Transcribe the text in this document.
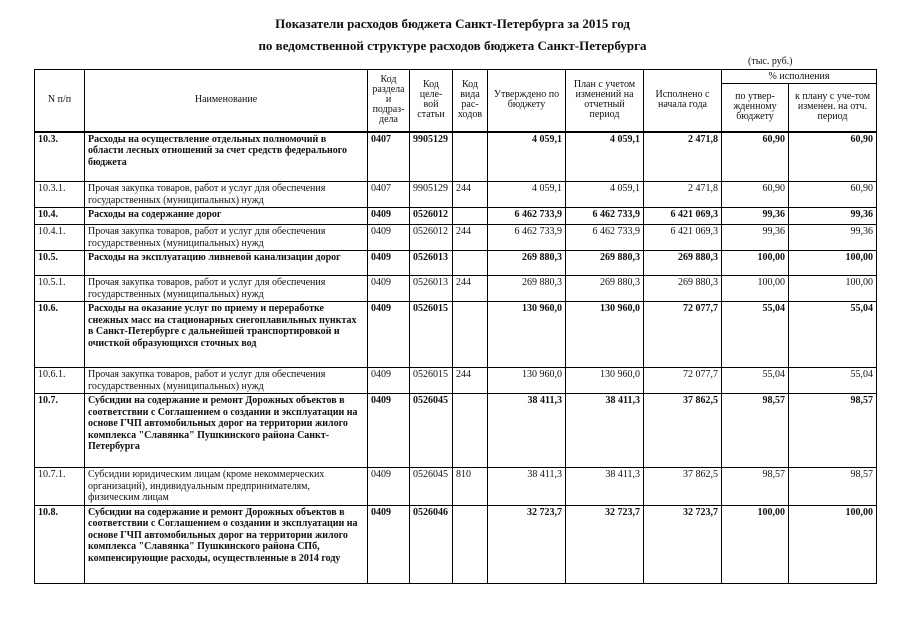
Показатели расходов бюджета Санкт-Петербурга за 2015 год
по ведомственной структуре расходов бюджета Санкт-Петербурга
(тыс. руб.)
N п/п	Наименование	Код раздела и подраз-дела	Код целе-вой статьи	Код вида рас-ходов	Утверждено по бюджету	План с учетом изменений на отчетный период	Исполнено с начала года	% исполнения	
								по утвер-жденному бюджету	к плану с уче-том изменен. на отч. период
10.3.	Расходы на осуществление отдельных полномочий в области лесных отношений за счет средств федерального бюджета	0407	9905129		4 059,1	4 059,1	2 471,8	60,90	60,90
10.3.1.	Прочая закупка товаров, работ и услуг для обеспечения государственных (муниципальных) нужд	0407	9905129	244	4 059,1	4 059,1	2 471,8	60,90	60,90
10.4.	Расходы на содержание дорог	0409	0526012		6 462 733,9	6 462 733,9	6 421 069,3	99,36	99,36
10.4.1.	Прочая закупка товаров, работ и услуг для обеспечения государственных (муниципальных) нужд	0409	0526012	244	6 462 733,9	6 462 733,9	6 421 069,3	99,36	99,36
10.5.	Расходы на эксплуатацию ливневой канализации дорог	0409	0526013		269 880,3	269 880,3	269 880,3	100,00	100,00
10.5.1.	Прочая закупка товаров, работ и услуг для обеспечения государственных (муниципальных) нужд	0409	0526013	244	269 880,3	269 880,3	269 880,3	100,00	100,00
10.6.	Расходы на оказание услуг по приему и переработке снежных масс на стационарных снегоплавильных пунктах в Санкт-Петербурге с дальнейшей транспортировкой и очисткой образующихся сточных вод	0409	0526015		130 960,0	130 960,0	72 077,7	55,04	55,04
10.6.1.	Прочая закупка товаров, работ и услуг для обеспечения государственных (муниципальных) нужд	0409	0526015	244	130 960,0	130 960,0	72 077,7	55,04	55,04
10.7.	Субсидии на содержание и ремонт Дорожных объектов в соответствии с Соглашением о создании и эксплуатации на основе ГЧП автомобильных дорог на территории жилого комплекса "Славянка" Пушкинского района Санкт-Петербурга	0409	0526045		38 411,3	38 411,3	37 862,5	98,57	98,57
10.7.1.	Субсидии юридическим лицам (кроме некоммерческих организаций), индивидуальным предпринимателям, физическим лицам	0409	0526045	810	38 411,3	38 411,3	37 862,5	98,57	98,57
10.8.	Субсидии на содержание и ремонт Дорожных объектов в соответствии с Соглашением о создании и эксплуатации на основе ГЧП автомобильных дорог на территории жилого комплекса "Славянка" Пушкинского района СПб, компенсирующие расходы, осуществленные в 2014 году	0409	0526046		32 723,7	32 723,7	32 723,7	100,00	100,00
